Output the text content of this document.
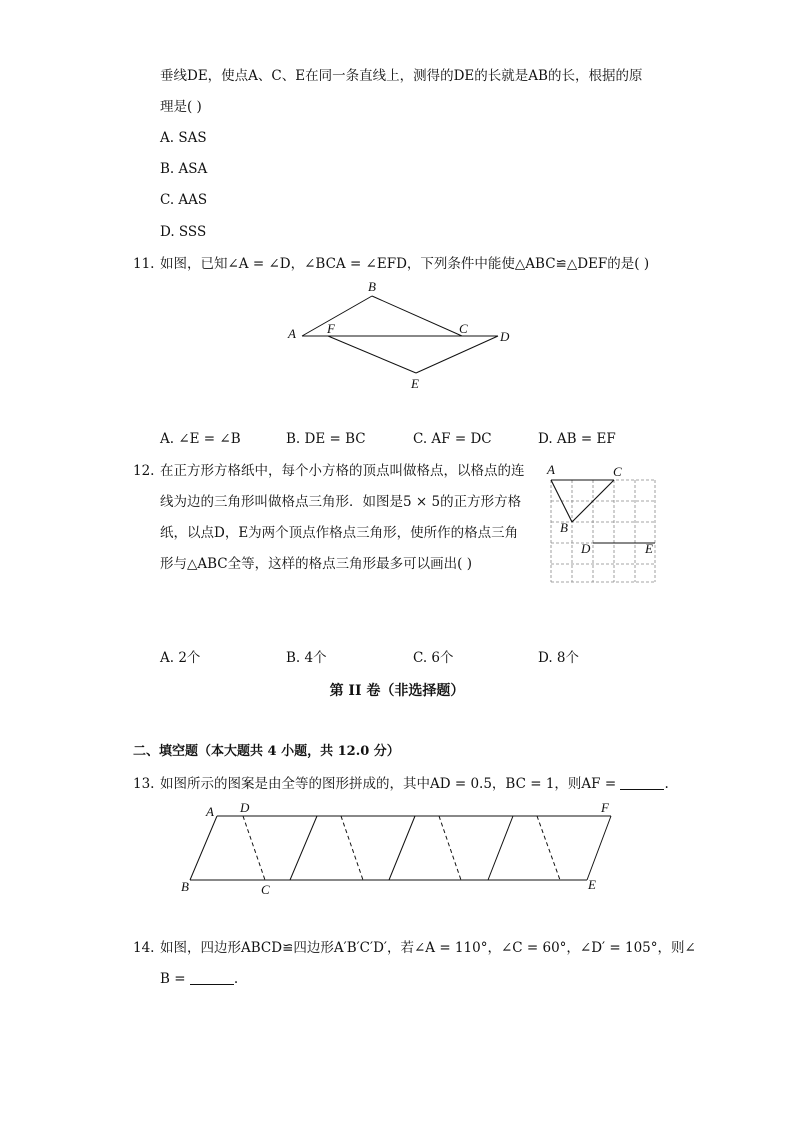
垂线DE，使点A、C、E在同一条直线上，测得的DE的长就是AB的长，根据的原
理是( )
A. SAS
B. ASA
C. AAS
D. SSS
11. 如图，已知∠A = ∠D，∠BCA = ∠EFD，下列条件中能使△ABC≌△DEF的是( )
A
B
C
D
E
F
A. ∠E = ∠B	B. DE = BC	C. AF = DC	D. AB = EF
12. 在正方形方格纸中，每个小方格的顶点叫做格点，以格点的连
线为边的三角形叫做格点三角形．如图是5 × 5的正方形方格
纸，以点D，E为两个顶点作格点三角形，使所作的格点三角
形与△ABC全等，这样的格点三角形最多可以画出( )
A	C
B
D	E
A. 2个	B. 4个	C. 6个	D. 8个
第 II 卷（非选择题）
二、填空题（本大题共 4 小题，共 12.0 分）
13. 如图所示的图案是由全等的图形拼成的，其中AD = 0.5，BC = 1，则AF =	.
A D	F
B	C	E
14. 如图，四边形ABCD≌四边形A′B′C′D′，若∠A = 110°，∠C = 60°，∠D′ = 105°，则∠
B =	.
